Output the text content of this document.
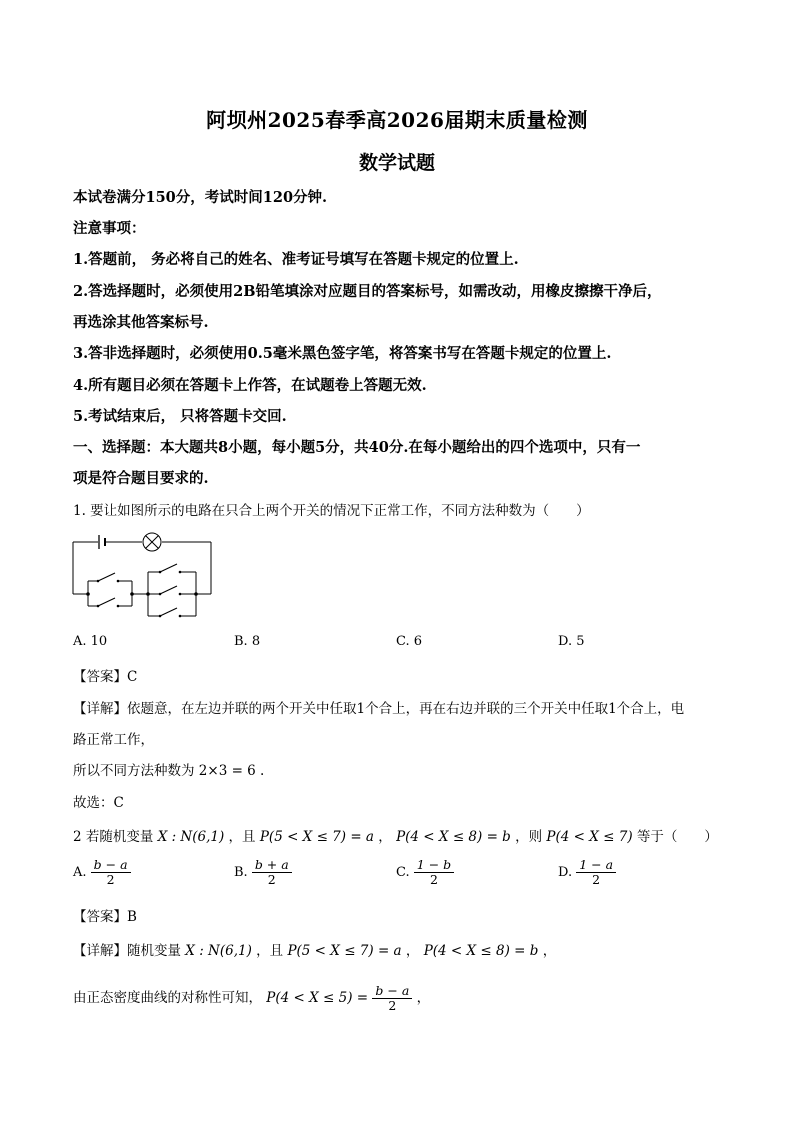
阿坝州2025春季高2026届期末质量检测
数学试题
本试卷满分150分，考试时间120分钟.
注意事项：
1.答题前， 务必将自己的姓名、准考证号填写在答题卡规定的位置上.
2.答选择题时，必须使用2B铅笔填涂对应题目的答案标号，如需改动，用橡皮擦擦干净后，
再选涂其他答案标号.
3.答非选择题时，必须使用0.5毫米黑色签字笔，将答案书写在答题卡规定的位置上.
4.所有题目必须在答题卡上作答，在试题卷上答题无效.
5.考试结束后， 只将答题卡交回.
一、选择题：本大题共8小题，每小题5分，共40分.在每小题给出的四个选项中，只有一
项是符合题目要求的.
1. 要让如图所示的电路在只合上两个开关的情况下正常工作，不同方法种数为（　　）
A. 10	B. 8	C. 6	D. 5
【答案】C
【详解】依题意，在左边并联的两个开关中任取1个合上，再在右边并联的三个开关中任取1个合上，电
路正常工作，
所以不同方法种数为 2×3 = 6 .
故选：C
2 若随机变量 X : N(6,1) ，且 P(5 < X ≤ 7) = a ， P(4 < X ≤ 8) = b ，则 P(4 < X ≤ 7) 等于（　　）
A. $\frac{b - a}{2}$	B. $\frac{b + a}{2}$	C. $\frac{1 - b}{2}$	D. $\frac{1 - a}{2}$
【答案】B
【详解】随机变量 X : N(6,1) ，且 P(5 < X ≤ 7) = a ， P(4 < X ≤ 8) = b ，
由正态密度曲线的对称性可知， $P(4 < X \le 5) = \frac{b - a}{2}$ ，
